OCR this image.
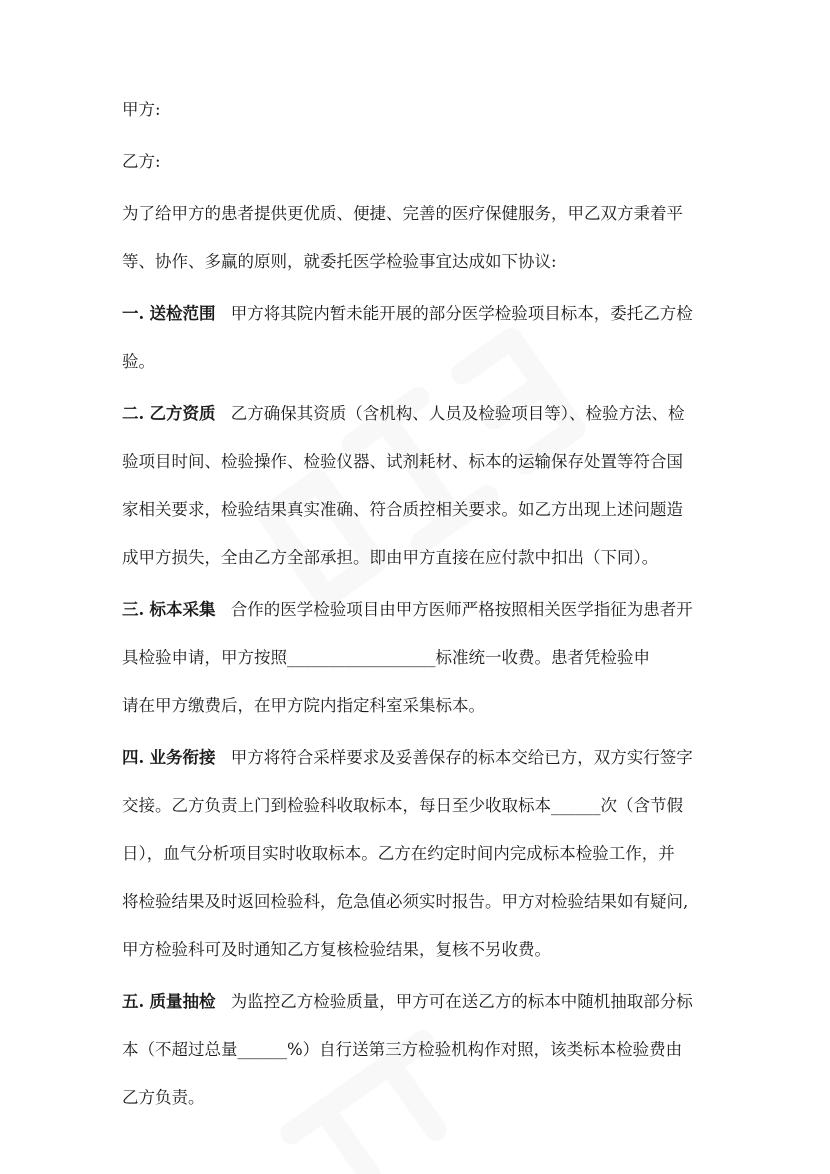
甲方:
乙方:
为了给甲方的患者提供更优质、便捷、完善的医疗保健服务，甲乙双方秉着平
等、协作、多赢的原则，就委托医学检验事宜达成如下协议:
一. 送检范围 甲方将其院内暂未能开展的部分医学检验项目标本，委托乙方检
验。
二. 乙方资质 乙方确保其资质（含机构、人员及检验项目等）、检验方法、检
验项目时间、检验操作、检验仪器、试剂耗材、标本的运输保存处置等符合国
家相关要求，检验结果真实准确、符合质控相关要求。如乙方出现上述问题造
成甲方损失，全由乙方全部承担。即由甲方直接在应付款中扣出（下同）。
三. 标本采集 合作的医学检验项目由甲方医师严格按照相关医学指征为患者开
具检验申请，甲方按照__________________标准统一收费。患者凭检验申
请在甲方缴费后，在甲方院内指定科室采集标本。
四. 业务衔接 甲方将符合采样要求及妥善保存的标本交给已方，双方实行签字
交接。乙方负责上门到检验科收取标本，每日至少收取标本______次（含节假
日），血气分析项目实时收取标本。乙方在约定时间内完成标本检验工作，并
将检验结果及时返回检验科，危急值必须实时报告。甲方对检验结果如有疑问,
甲方检验科可及时通知乙方复核检验结果，复核不另收费。
五. 质量抽检 为监控乙方检验质量，甲方可在送乙方的标本中随机抽取部分标
本（不超过总量______%）自行送第三方检验机构作对照，该类标本检验费由
乙方负责。
